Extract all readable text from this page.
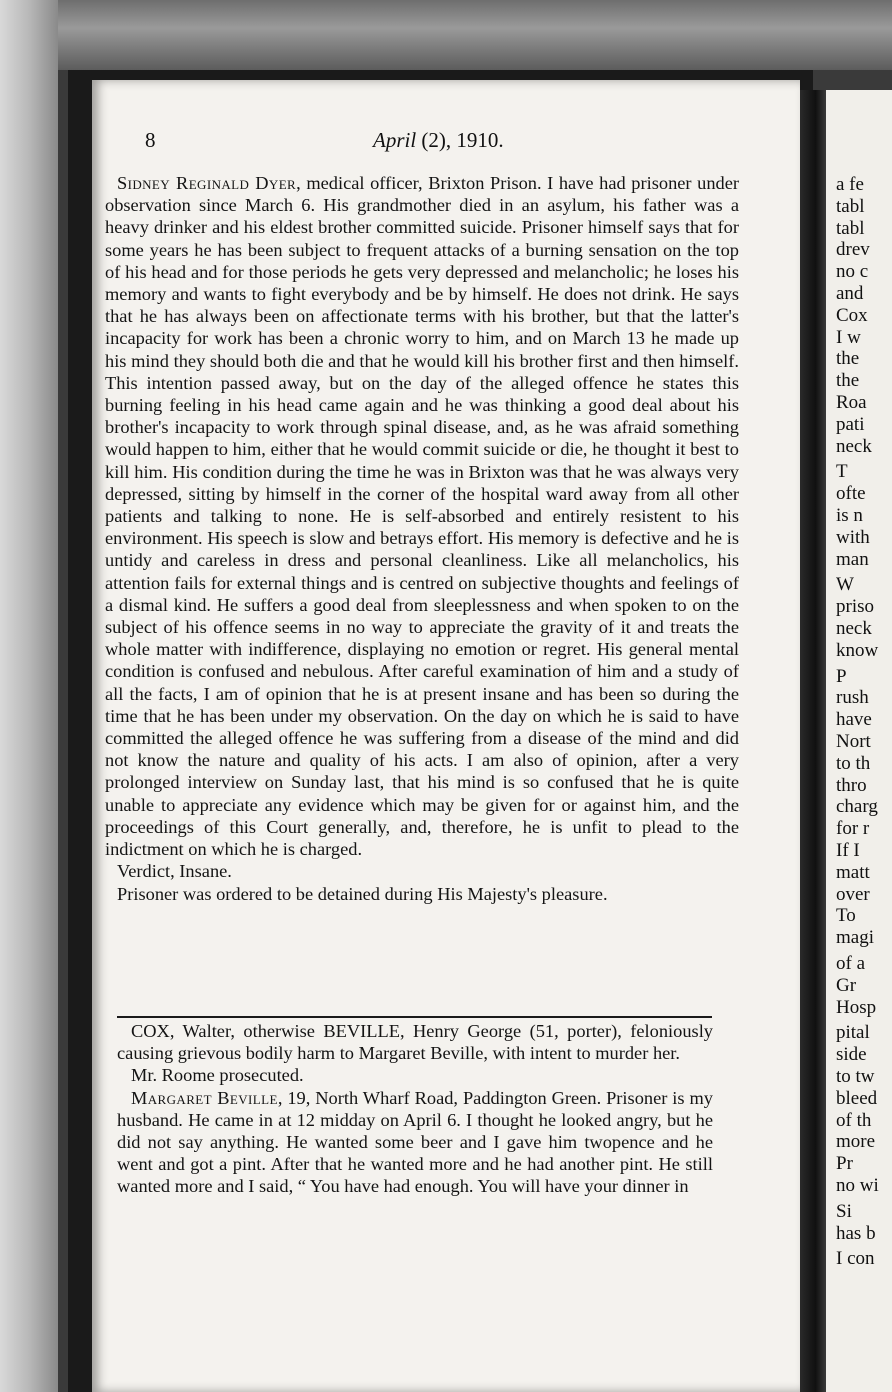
a fe
tabl
tabl
drev
no c
and
Cox
I w
the
the
Roa
pati
neck
T
ofte
is n
with
man
W
priso
neck
know
P
rush
have
Nort
to th
thro
charg
for r
If I
matt
over
To
magi
of a
Gr
Hosp
pital
side
to tw
bleed
of th
more
Pr
no wi
Si
has b
I con
8	April (2), 1910.

Sidney Reginald Dyer, medical officer, Brixton Prison. I have had prisoner under observation since March 6. His grandmother died in an asylum, his father was a heavy drinker and his eldest brother committed suicide. Prisoner himself says that for some years he has been subject to frequent attacks of a burning sensation on the top of his head and for those periods he gets very depressed and melancholic; he loses his memory and wants to fight everybody and be by himself. He does not drink. He says that he has always been on affectionate terms with his brother, but that the latter's incapacity for work has been a chronic worry to him, and on March 13 he made up his mind they should both die and that he would kill his brother first and then himself. This intention passed away, but on the day of the alleged offence he states this burning feeling in his head came again and he was thinking a good deal about his brother's incapacity to work through spinal disease, and, as he was afraid something would happen to him, either that he would commit suicide or die, he thought it best to kill him. His condition during the time he was in Brixton was that he was always very depressed, sitting by himself in the corner of the hospital ward away from all other patients and talking to none. He is self-absorbed and entirely resistent to his environment. His speech is slow and betrays effort. His memory is defective and he is untidy and careless in dress and personal cleanliness. Like all melancholics, his attention fails for external things and is centred on subjective thoughts and feelings of a dismal kind. He suffers a good deal from sleeplessness and when spoken to on the subject of his offence seems in no way to appreciate the gravity of it and treats the whole matter with indifference, displaying no emotion or regret. His general mental condition is confused and nebulous. After careful examination of him and a study of all the facts, I am of opinion that he is at present insane and has been so during the time that he has been under my observation. On the day on which he is said to have committed the alleged offence he was suffering from a disease of the mind and did not know the nature and quality of his acts. I am also of opinion, after a very prolonged interview on Sunday last, that his mind is so confused that he is quite unable to appreciate any evidence which may be given for or against him, and the proceedings of this Court generally, and, therefore, he is unfit to plead to the indictment on which he is charged.

Verdict, Insane.

Prisoner was ordered to be detained during His Majesty's pleasure.

COX, Walter, otherwise BEVILLE, Henry George (51, porter), feloniously causing grievous bodily harm to Margaret Beville, with intent to murder her.

Mr. Roome prosecuted.

Margaret Beville, 19, North Wharf Road, Paddington Green. Prisoner is my husband. He came in at 12 midday on April 6. I thought he looked angry, but he did not say anything. He wanted some beer and I gave him twopence and he went and got a pint. After that he wanted more and he had another pint. He still wanted more and I said, “ You have had enough. You will have your dinner in
